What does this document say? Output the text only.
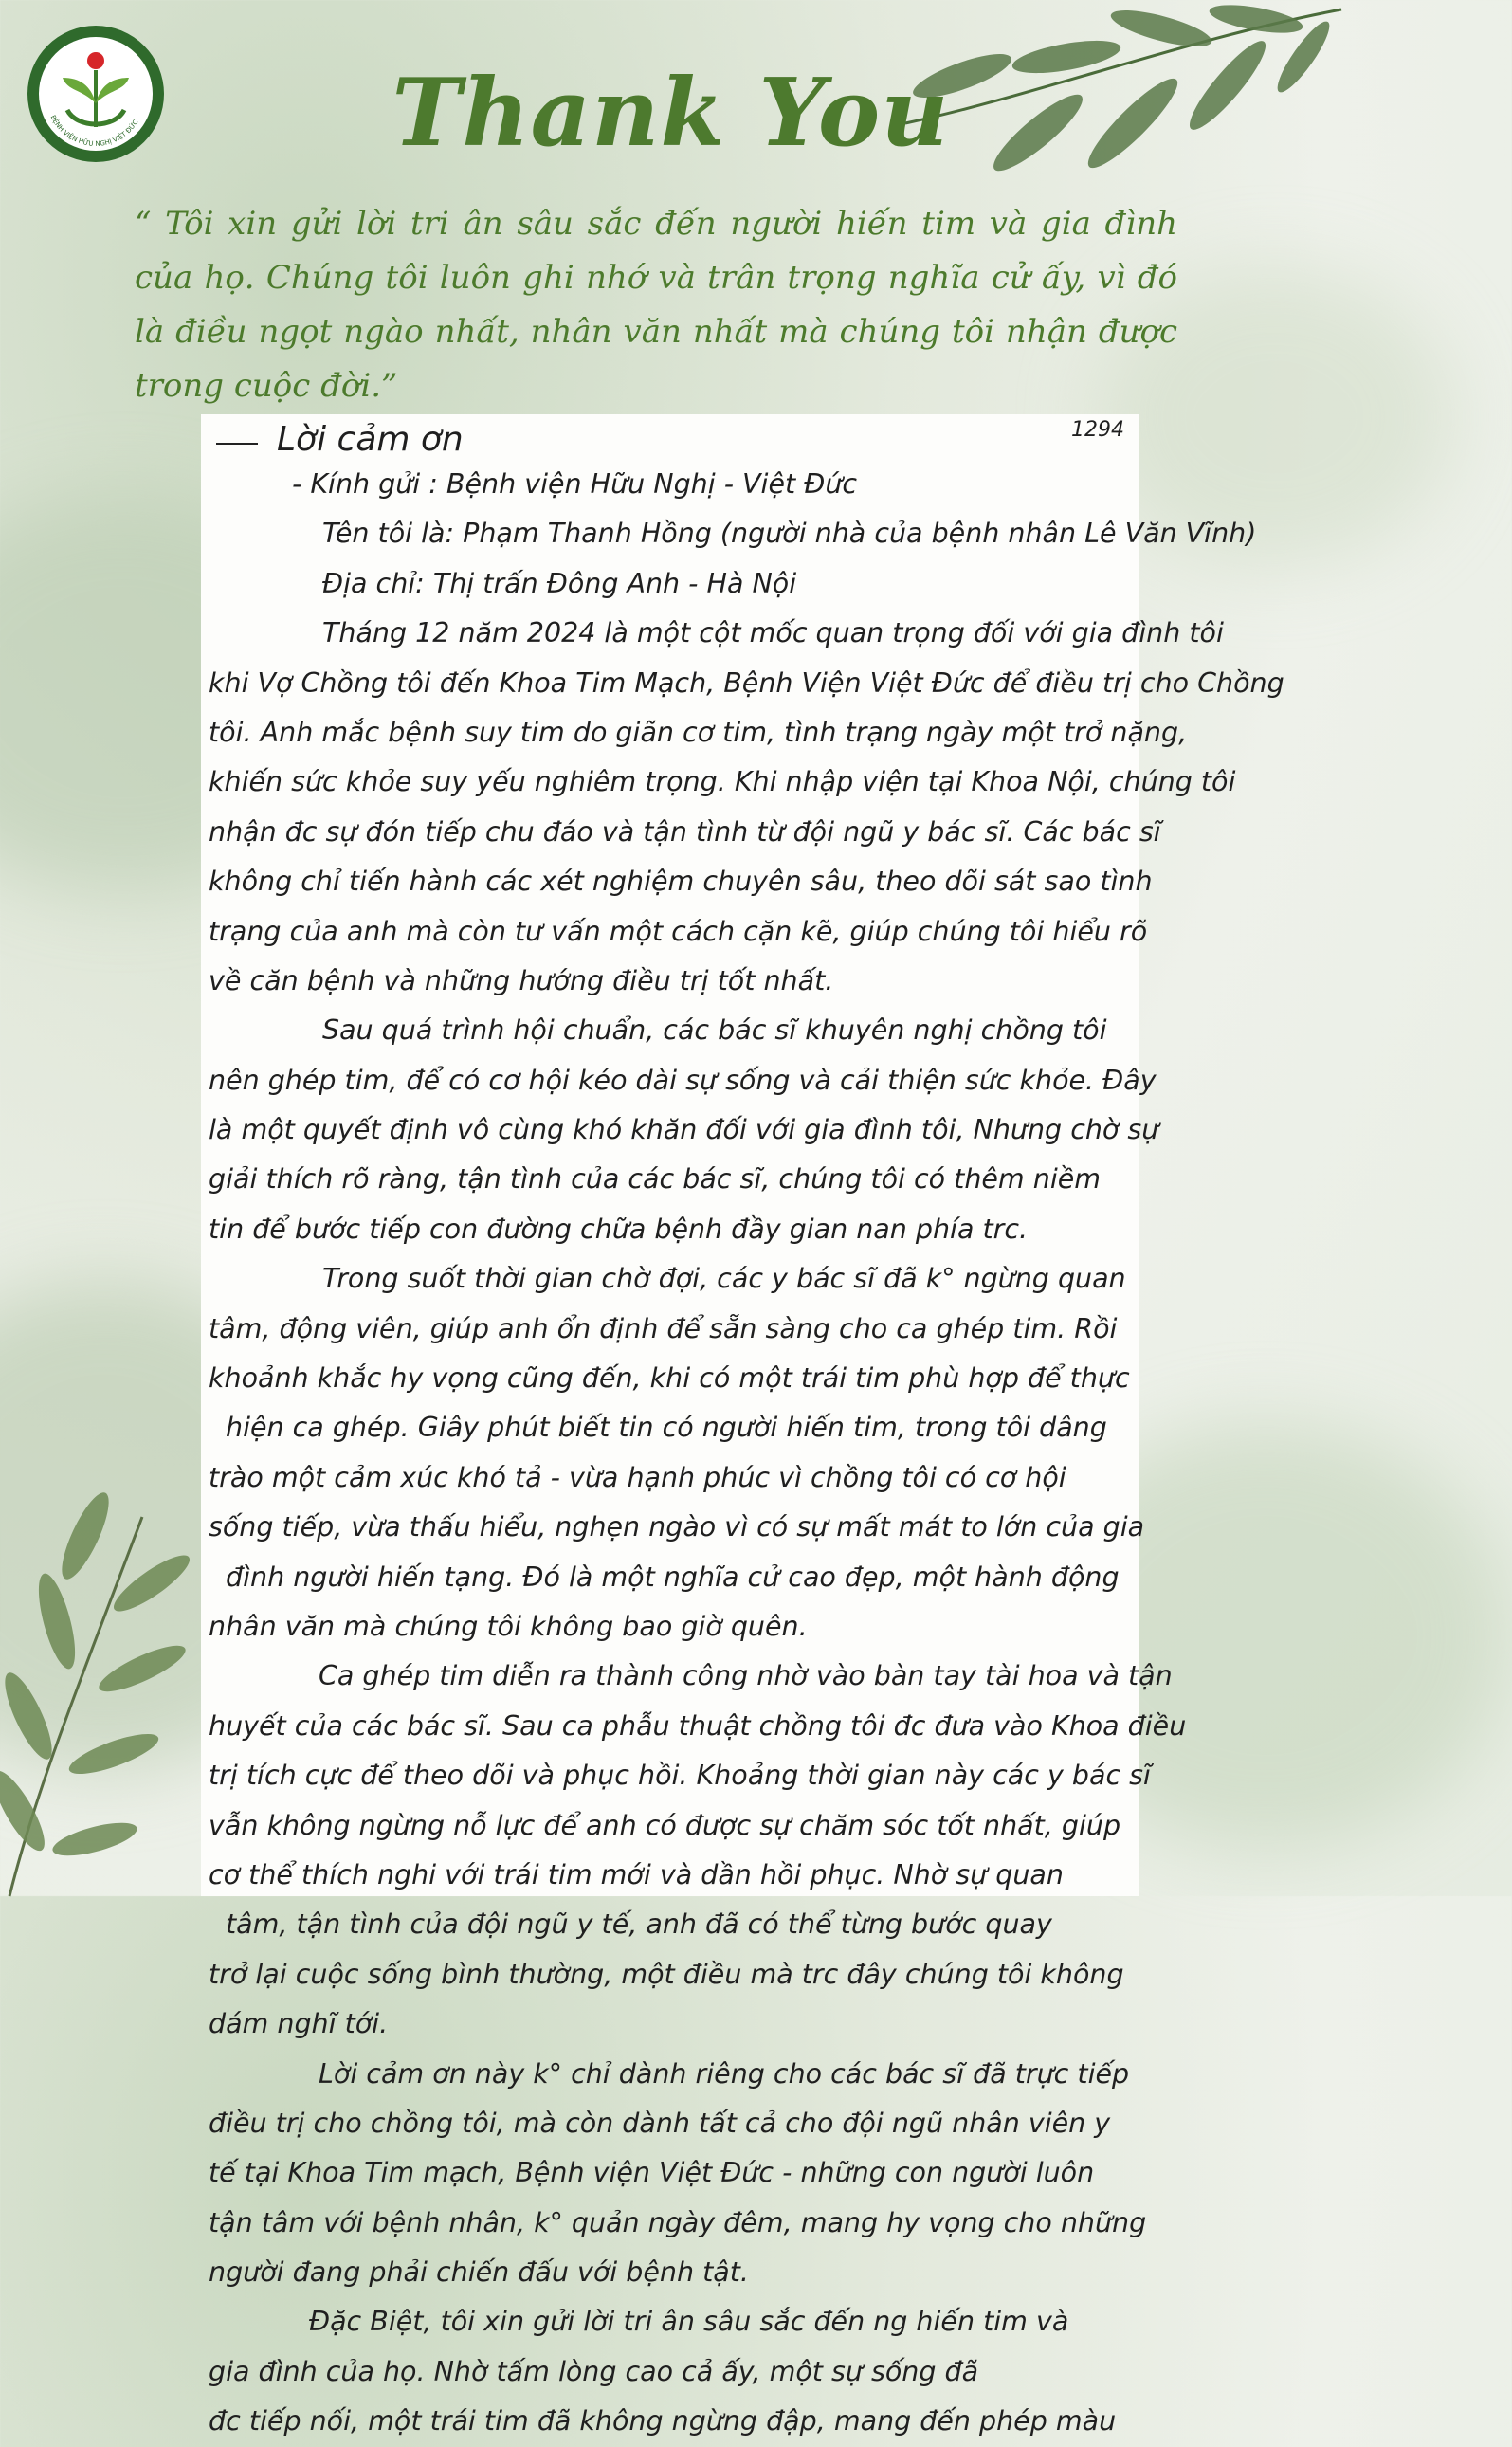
BỆNH VIỆN HỮU NGHỊ VIỆT ĐỨC	Thank You

“ Tôi xin gửi lời tri ân sâu sắc đến người hiến tim và gia đình của họ. Chúng tôi luôn ghi nhớ và trân trọng nghĩa cử ấy, vì đó là điều ngọt ngào nhất, nhân văn nhất mà chúng tôi nhận được trong cuộc đời.”

Lời cảm ơn	1294
- Kính gửi : Bệnh viện Hữu Nghị - Việt Đức
Tên tôi là: Phạm Thanh Hồng (người nhà của bệnh nhân Lê Văn Vĩnh)
Địa chỉ: Thị trấn Đông Anh - Hà Nội
Tháng 12 năm 2024 là một cột mốc quan trọng đối với gia đình tôi
khi Vợ Chồng tôi đến Khoa Tim Mạch, Bệnh Viện Việt Đức để điều trị cho Chồng
tôi. Anh mắc bệnh suy tim do giãn cơ tim, tình trạng ngày một trở nặng,
khiến sức khỏe suy yếu nghiêm trọng. Khi nhập viện tại Khoa Nội, chúng tôi
nhận đc sự đón tiếp chu đáo và tận tình từ đội ngũ y bác sĩ. Các bác sĩ
không chỉ tiến hành các xét nghiệm chuyên sâu, theo dõi sát sao tình
trạng của anh mà còn tư vấn một cách cặn kẽ, giúp chúng tôi hiểu rõ
về căn bệnh và những hướng điều trị tốt nhất.
Sau quá trình hội chuẩn, các bác sĩ khuyên nghị chồng tôi
nên ghép tim, để có cơ hội kéo dài sự sống và cải thiện sức khỏe. Đây
là một quyết định vô cùng khó khăn đối với gia đình tôi, Nhưng chờ sự
giải thích rõ ràng, tận tình của các bác sĩ, chúng tôi có thêm niềm
tin để bước tiếp con đường chữa bệnh đầy gian nan phía trc.
Trong suốt thời gian chờ đợi, các y bác sĩ đã k° ngừng quan
tâm, động viên, giúp anh ổn định để sẵn sàng cho ca ghép tim. Rồi
khoảnh khắc hy vọng cũng đến, khi có một trái tim phù hợp để thực
hiện ca ghép. Giây phút biết tin có người hiến tim, trong tôi dâng
trào một cảm xúc khó tả - vừa hạnh phúc vì chồng tôi có cơ hội
sống tiếp, vừa thấu hiểu, nghẹn ngào vì có sự mất mát to lớn của gia
đình người hiến tạng. Đó là một nghĩa cử cao đẹp, một hành động
nhân văn mà chúng tôi không bao giờ quên.
Ca ghép tim diễn ra thành công nhờ vào bàn tay tài hoa và tận
huyết của các bác sĩ. Sau ca phẫu thuật chồng tôi đc đưa vào Khoa điều
trị tích cực để theo dõi và phục hồi. Khoảng thời gian này các y bác sĩ
vẫn không ngừng nỗ lực để anh có được sự chăm sóc tốt nhất, giúp
cơ thể thích nghi với trái tim mới và dần hồi phục. Nhờ sự quan
tâm, tận tình của đội ngũ y tế, anh đã có thể từng bước quay
trở lại cuộc sống bình thường, một điều mà trc đây chúng tôi không
dám nghĩ tới.
Lời cảm ơn này k° chỉ dành riêng cho các bác sĩ đã trực tiếp
điều trị cho chồng tôi, mà còn dành tất cả cho đội ngũ nhân viên y
tế tại Khoa Tim mạch, Bệnh viện Việt Đức - những con người luôn
tận tâm với bệnh nhân, k° quản ngày đêm, mang hy vọng cho những
người đang phải chiến đấu với bệnh tật.
Đặc Biệt, tôi xin gửi lời tri ân sâu sắc đến ng hiến tim và
gia đình của họ. Nhờ tấm lòng cao cả ấy, một sự sống đã
đc tiếp nối, một trái tim đã không ngừng đập, mang đến phép màu
